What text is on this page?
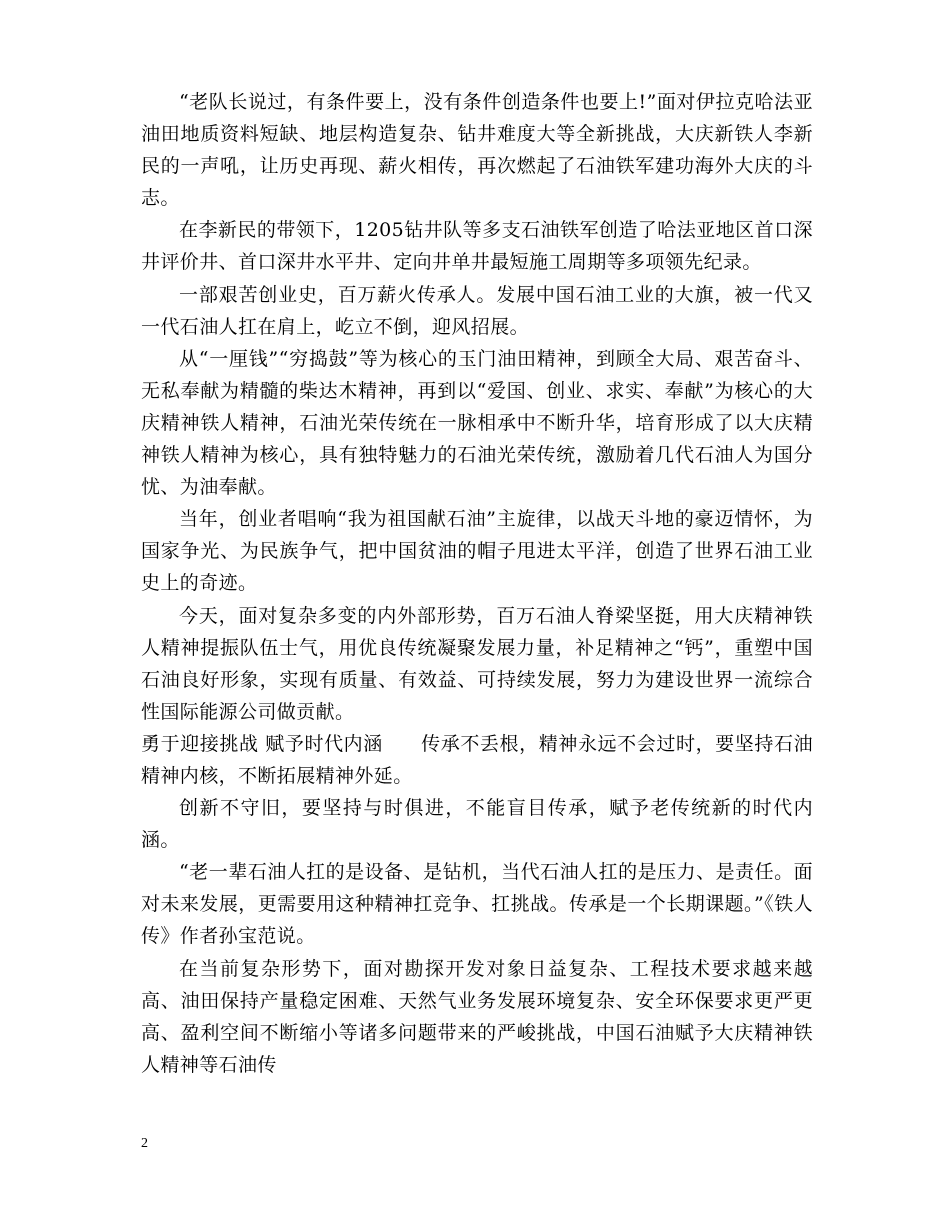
“老队长说过，有条件要上，没有条件创造条件也要上!”面对伊拉克哈法亚油田地质资料短缺、地层构造复杂、钻井难度大等全新挑战，大庆新铁人李新民的一声吼，让历史再现、薪火相传，再次燃起了石油铁军建功海外大庆的斗志。

在李新民的带领下，1205钻井队等多支石油铁军创造了哈法亚地区首口深井评价井、首口深井水平井、定向井单井最短施工周期等多项领先纪录。

一部艰苦创业史，百万薪火传承人。发展中国石油工业的大旗，被一代又一代石油人扛在肩上，屹立不倒，迎风招展。

从“一厘钱”“穷捣鼓”等为核心的玉门油田精神，到顾全大局、艰苦奋斗、无私奉献为精髓的柴达木精神，再到以“爱国、创业、求实、奉献”为核心的大庆精神铁人精神，石油光荣传统在一脉相承中不断升华，培育形成了以大庆精神铁人精神为核心，具有独特魅力的石油光荣传统，激励着几代石油人为国分忧、为油奉献。

当年，创业者唱响“我为祖国献石油”主旋律，以战天斗地的豪迈情怀，为国家争光、为民族争气，把中国贫油的帽子甩进太平洋，创造了世界石油工业史上的奇迹。

今天，面对复杂多变的内外部形势，百万石油人脊梁坚挺，用大庆精神铁人精神提振队伍士气，用优良传统凝聚发展力量，补足精神之“钙”，重塑中国石油良好形象，实现有质量、有效益、可持续发展，努力为建设世界一流综合性国际能源公司做贡献。

勇于迎接挑战 赋予时代内涵 传承不丢根，精神永远不会过时，要坚持石油精神内核，不断拓展精神外延。

创新不守旧，要坚持与时俱进，不能盲目传承，赋予老传统新的时代内涵。

“老一辈石油人扛的是设备、是钻机，当代石油人扛的是压力、是责任。面对未来发展，更需要用这种精神扛竞争、扛挑战。传承是一个长期课题。”《铁人传》作者孙宝范说。

在当前复杂形势下，面对勘探开发对象日益复杂、工程技术要求越来越高、油田保持产量稳定困难、天然气业务发展环境复杂、安全环保要求更严更高、盈利空间不断缩小等诸多问题带来的严峻挑战，中国石油赋予大庆精神铁人精神等石油传

2
